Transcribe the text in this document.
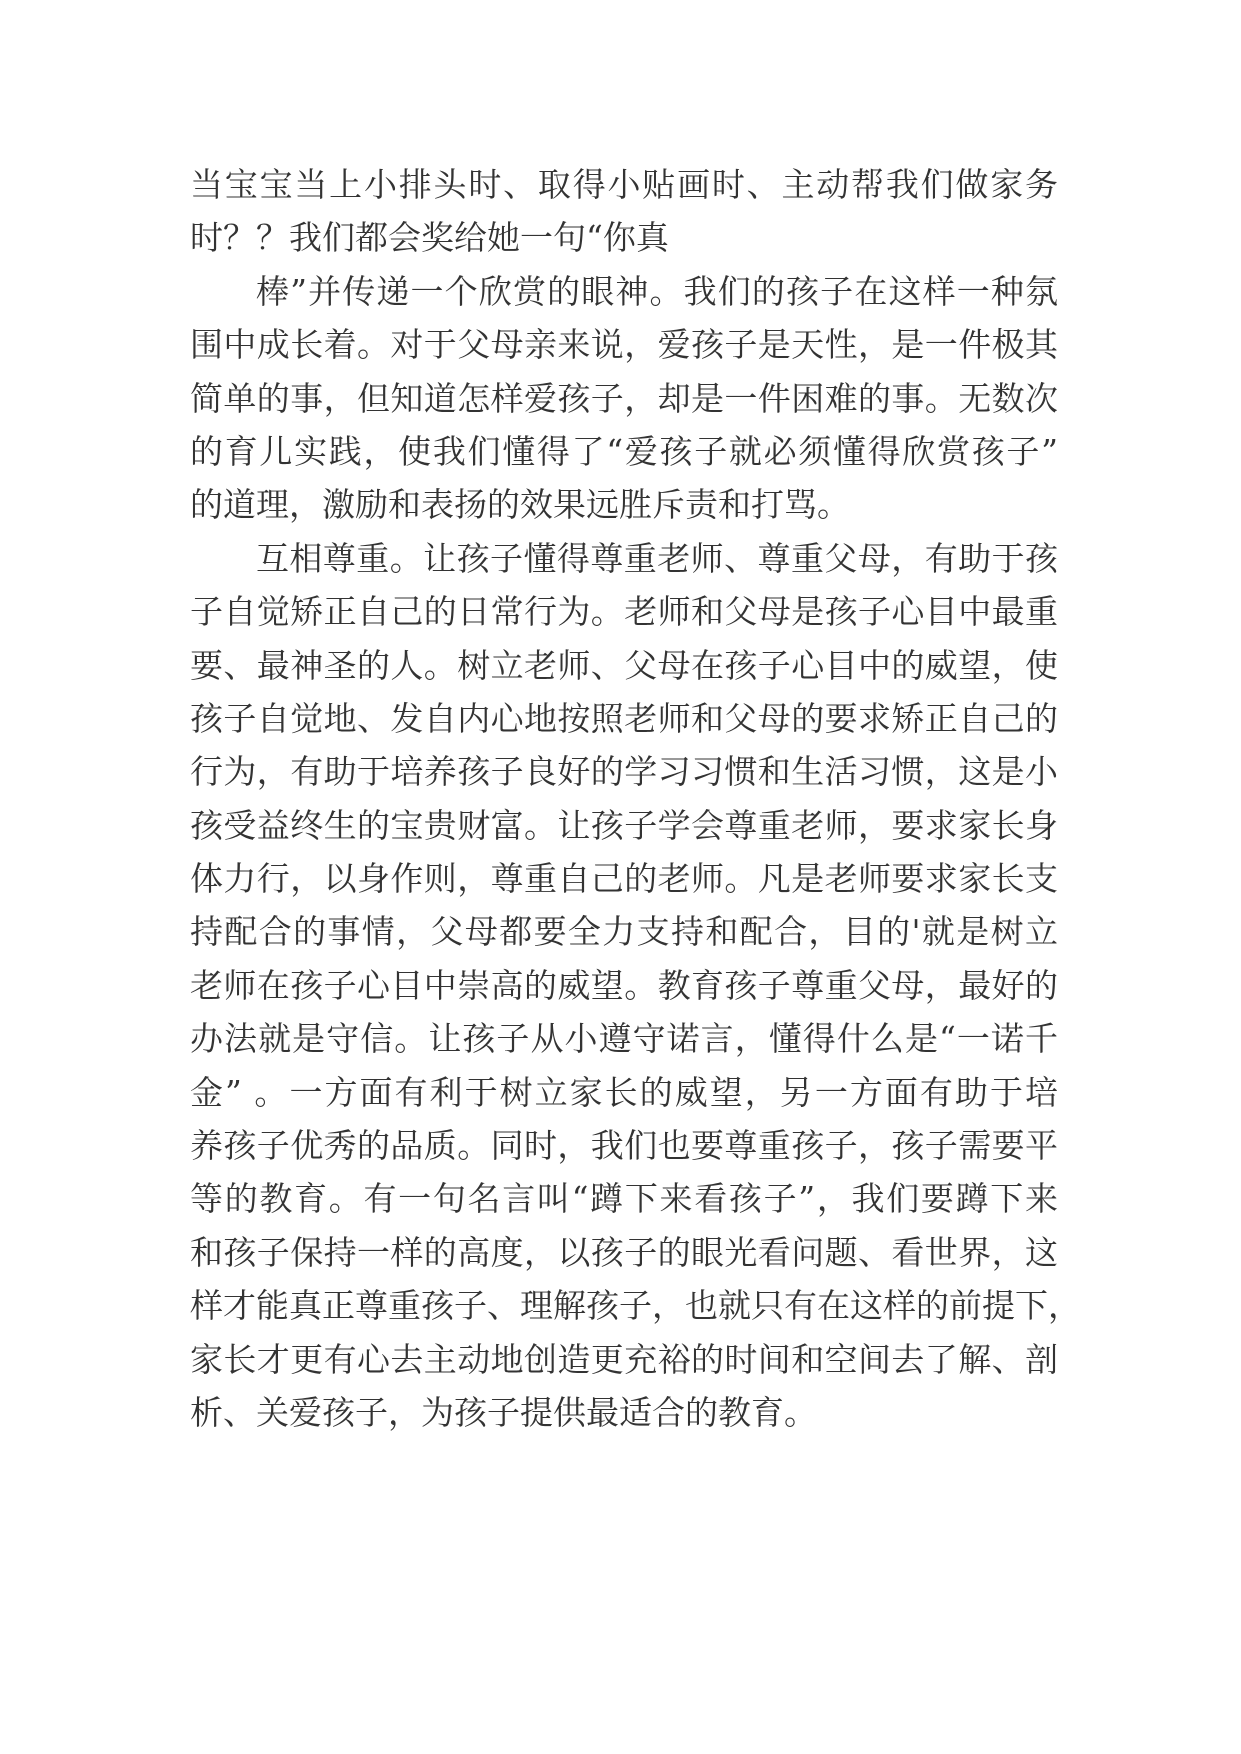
当宝宝当上小排头时、取得小贴画时、主动帮我们做家务
时？？我们都会奖给她一句“你真
棒”并传递一个欣赏的眼神。我们的孩子在这样一种氛
围中成长着。对于父母亲来说，爱孩子是天性，是一件极其
简单的事，但知道怎样爱孩子，却是一件困难的事。无数次
的育儿实践，使我们懂得了“爱孩子就必须懂得欣赏孩子”
的道理，激励和表扬的效果远胜斥责和打骂。
互相尊重。让孩子懂得尊重老师、尊重父母，有助于孩
子自觉矫正自己的日常行为。老师和父母是孩子心目中最重
要、最神圣的人。树立老师、父母在孩子心目中的威望，使
孩子自觉地、发自内心地按照老师和父母的要求矫正自己的
行为，有助于培养孩子良好的学习习惯和生活习惯，这是小
孩受益终生的宝贵财富。让孩子学会尊重老师，要求家长身
体力行，以身作则，尊重自己的老师。凡是老师要求家长支
持配合的事情，父母都要全力支持和配合，目的'就是树立
老师在孩子心目中崇高的威望。教育孩子尊重父母，最好的
办法就是守信。让孩子从小遵守诺言，懂得什么是“一诺千
金” 。一方面有利于树立家长的威望，另一方面有助于培
养孩子优秀的品质。同时，我们也要尊重孩子，孩子需要平
等的教育。有一句名言叫“蹲下来看孩子”，我们要蹲下来
和孩子保持一样的高度，以孩子的眼光看问题、看世界，这
样才能真正尊重孩子、理解孩子，也就只有在这样的前提下，
家长才更有心去主动地创造更充裕的时间和空间去了解、剖
析、关爱孩子，为孩子提供最适合的教育。
